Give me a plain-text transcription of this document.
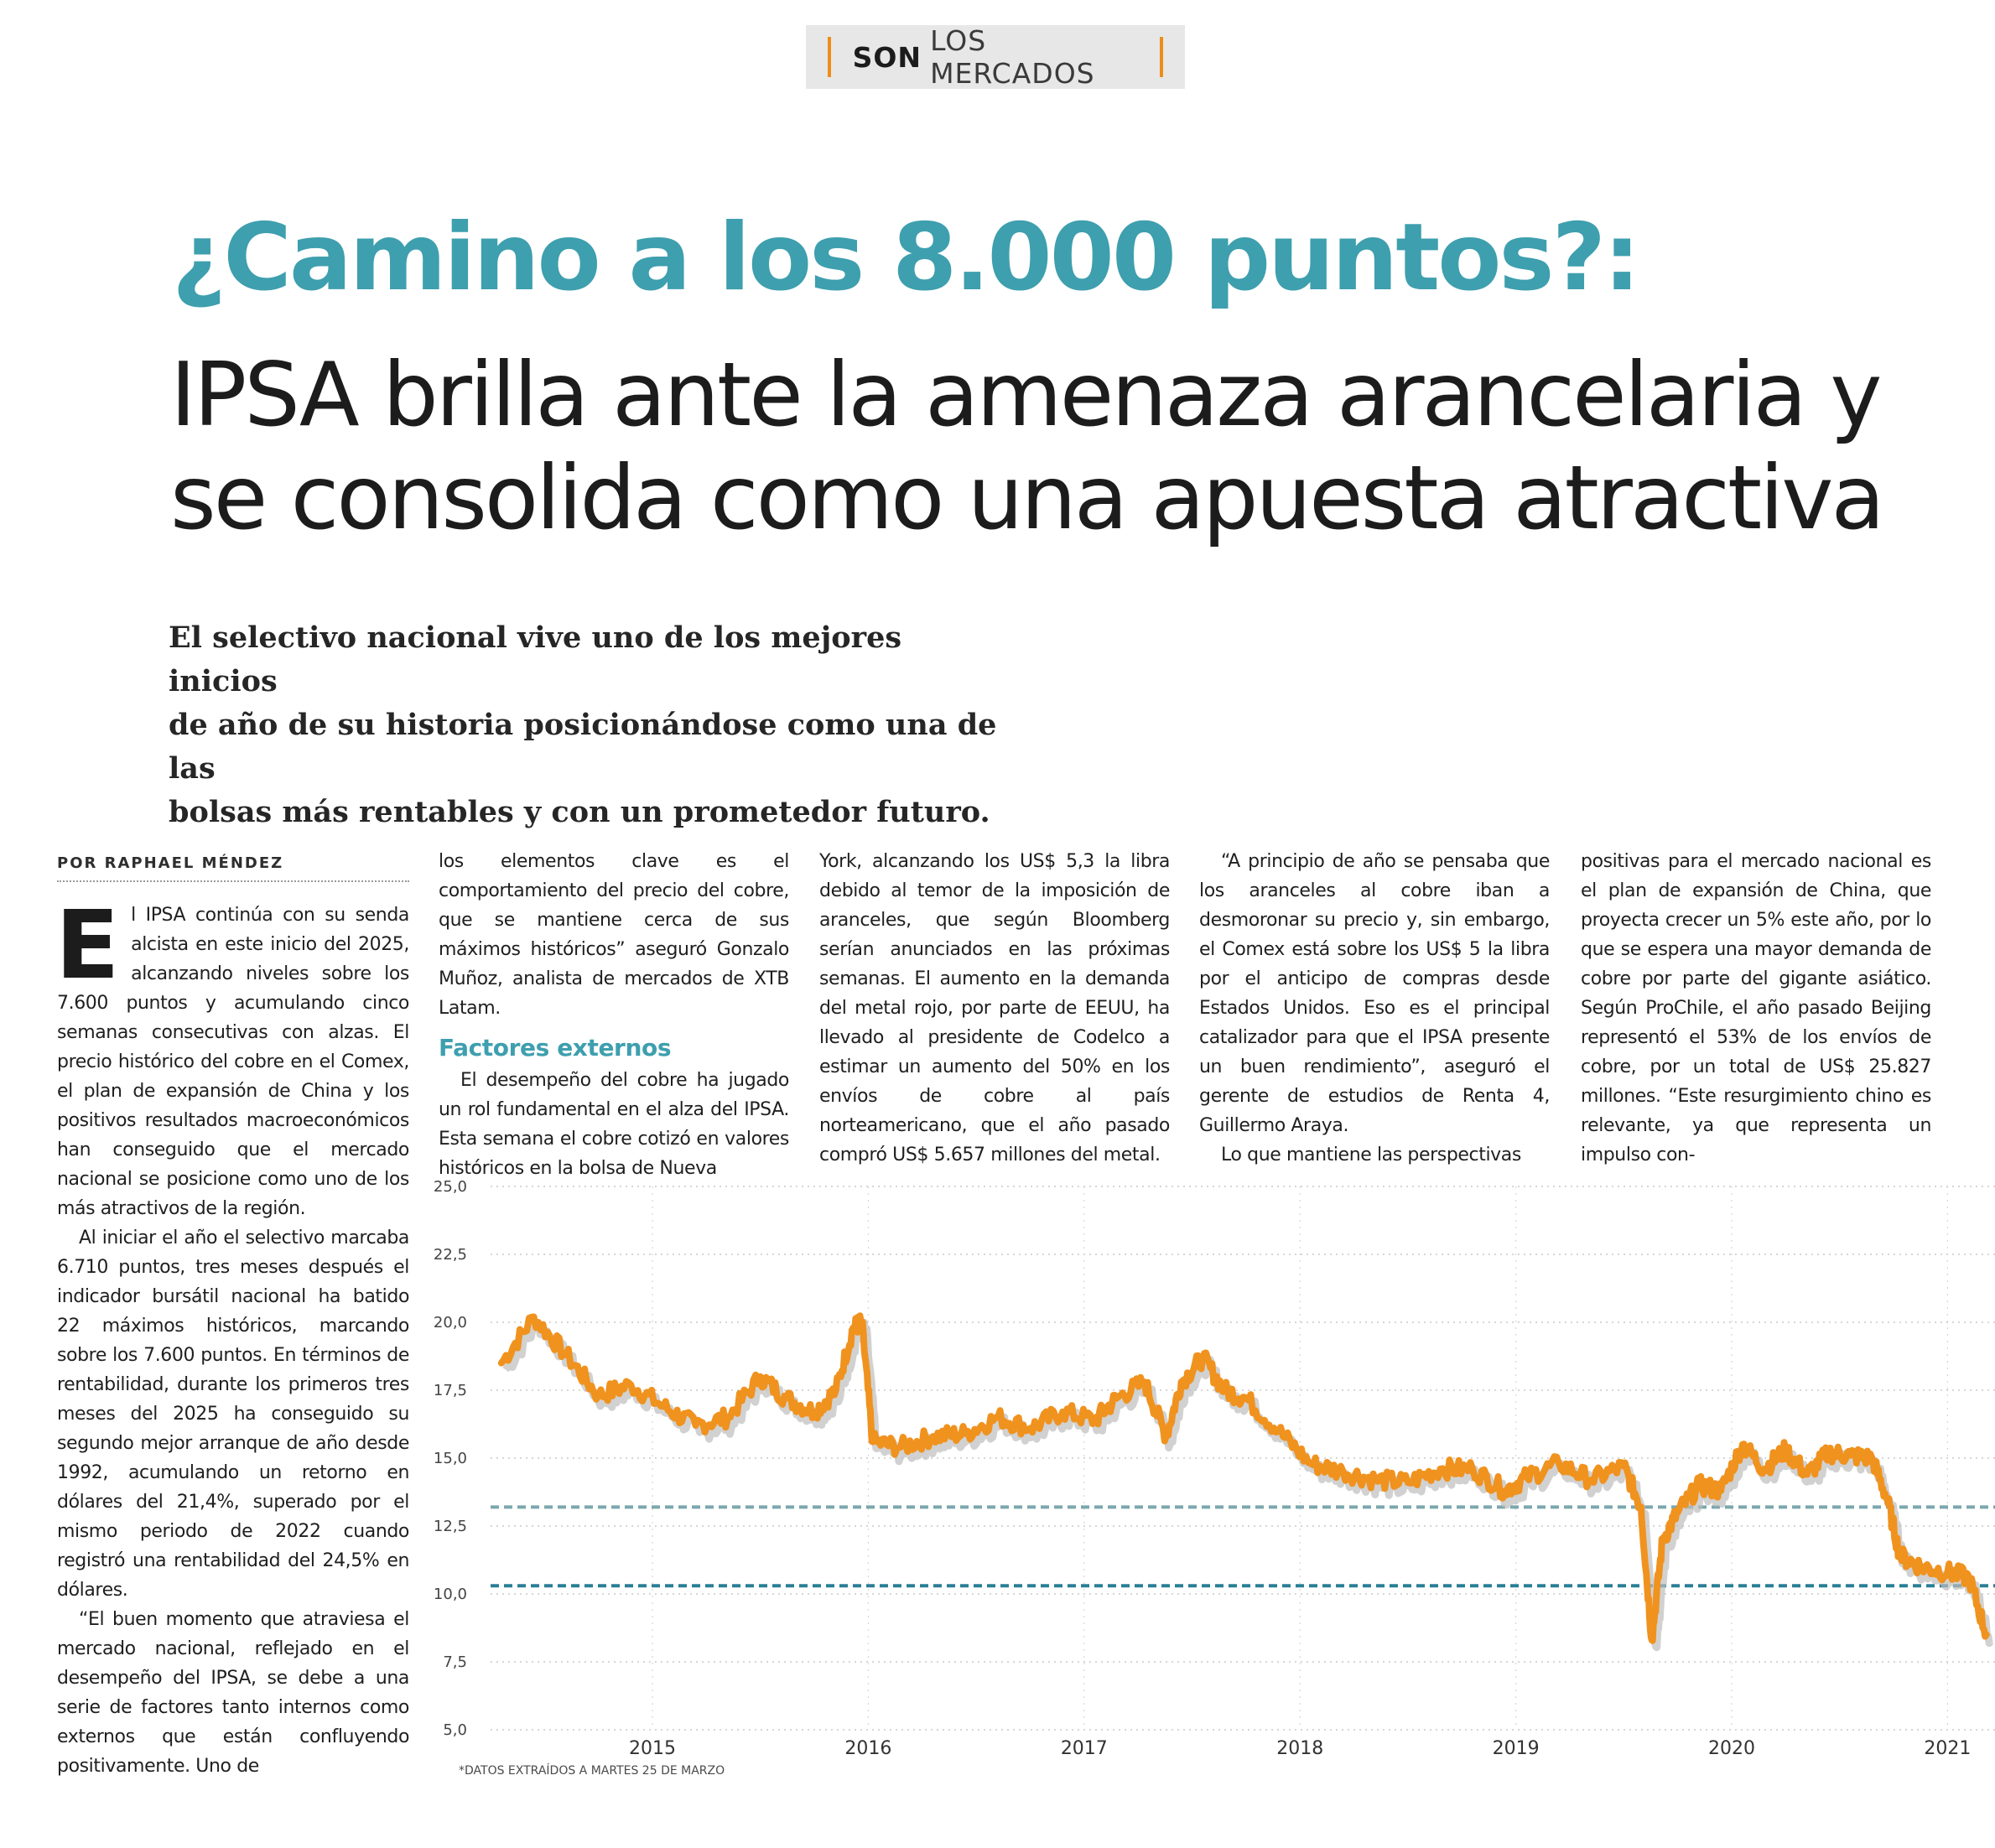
SON LOS MERCADOS
¿Camino a los 8.000 puntos?:
IPSA brilla ante la amenaza arancelaria y
se consolida como una apuesta atractiva

El selectivo nacional vive uno de los mejores inicios
de año de su historia posicionándose como una de las
bolsas más rentables y con un prometedor futuro.

POR RAPHAEL MÉNDEZ

El IPSA continúa con su senda alcista en este inicio del 2025, alcanzando niveles sobre los 7.600 puntos y acumulando cinco semanas consecutivas con alzas. El precio histórico del cobre en el Comex, el plan de expansión de China y los positivos resultados macroeconómicos han conseguido que el mercado nacional se posicione como uno de los más atractivos de la región.

Al iniciar el año el selectivo marcaba 6.710 puntos, tres meses después el indicador bursátil nacional ha batido 22 máximos históricos, marcando sobre los 7.600 puntos. En términos de rentabilidad, durante los primeros tres meses del 2025 ha conseguido su segundo mejor arranque de año desde 1992, acumulando un retorno en dólares del 21,4%, superado por el mismo periodo de 2022 cuando registró una rentabilidad del 24,5% en dólares.

“El buen momento que atraviesa el mercado nacional, reflejado en el desempeño del IPSA, se debe a una serie de factores tanto internos como externos que están confluyendo positivamente. Uno de

los elementos clave es el comportamiento del precio del cobre, que se mantiene cerca de sus máximos históricos” aseguró Gonzalo Muñoz, analista de mercados de XTB Latam.

Factores externos

El desempeño del cobre ha jugado un rol fundamental en el alza del IPSA. Esta semana el cobre cotizó en valores históricos en la bolsa de Nueva

York, alcanzando los US$ 5,3 la libra debido al temor de la imposición de aranceles, que según Bloomberg serían anunciados en las próximas semanas. El aumento en la demanda del metal rojo, por parte de EEUU, ha llevado al presidente de Codelco a estimar un aumento del 50% en los envíos de cobre al país norteamericano, que el año pasado compró US$ 5.657 millones del metal.

“A principio de año se pensaba que los aranceles al cobre iban a desmoronar su precio y, sin embargo, el Comex está sobre los US$ 5 la libra por el anticipo de compras desde Estados Unidos. Eso es el principal catalizador para que el IPSA presente un buen rendimiento”, aseguró el gerente de estudios de Renta 4, Guillermo Araya.

Lo que mantiene las perspectivas

positivas para el mercado nacional es el plan de expansión de China, que proyecta crecer un 5% este año, por lo que se espera una mayor demanda de cobre por parte del gigante asiático. Según ProChile, el año pasado Beijing representó el 53% de los envíos de cobre, por un total de US$ 25.827 millones. “Este resurgimiento chino es relevante, ya que representa un impulso con-

25,0
22,5
20,0
17,5
15,0
12,5
10,0
7,5
5,0
2015	2016	2017	2018	2019	2020	2021
*DATOS EXTRAÍDOS A MARTES 25 DE MARZO
